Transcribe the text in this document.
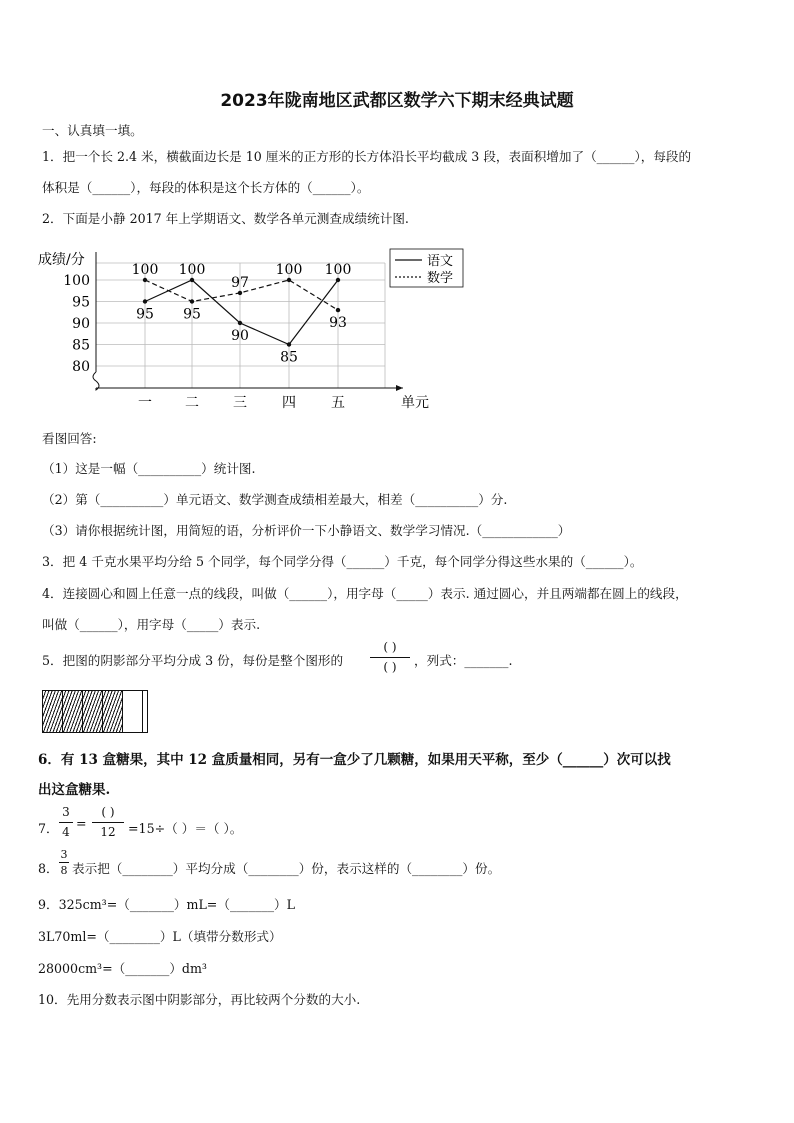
2023年陇南地区武都区数学六下期末经典试题
一、认真填一填。
1．把一个长 2.4 米，横截面边长是 10 厘米的正方形的长方体沿长平均截成 3 段，表面积增加了（______），每段的
体积是（______），每段的体积是这个长方体的（______）。
2．下面是小静 2017 年上学期语文、数学各单元测查成绩统计图.
成绩/分
80
85
90
95
100
一 二 三	四	五	单元
95
100 100
95
90
97
85
100 100
93
语文
数学
看图回答:
（1）这是一幅（__________）统计图.
（2）第（__________）单元语文、数学测查成绩相差最大，相差（__________）分.
（3）请你根据统计图，用简短的语，分析评价一下小静语文、数学学习情况.（____________）
3．把 4 千克水果平均分给 5 个同学，每个同学分得（______）千克，每个同学分得这些水果的（______）。
4．连接圆心和圆上任意一点的线段，叫做（______），用字母（_____）表示. 通过圆心，并且两端都在圆上的线段，
叫做（______），用字母（_____）表示.
5．把图的阴影部分平均分成 3 份，每份是整个图形的
( )
( )	，列式：_______.
6．有 13 盒糖果，其中 12 盒质量相同，另有一盒少了几颗糖，如果用天平称，至少（______）次可以找
出这盒糖果.
7．
3
4
=
( )
12 =15÷（ ）＝（ ）。
8．
3
8 表示把（________）平均分成（________）份，表示这样的（________）份。
9．325cm³=（_______）mL=（_______）L
3L70ml=（________）L（填带分数形式）
28000cm³=（_______）dm³
10．先用分数表示图中阴影部分，再比较两个分数的大小.
